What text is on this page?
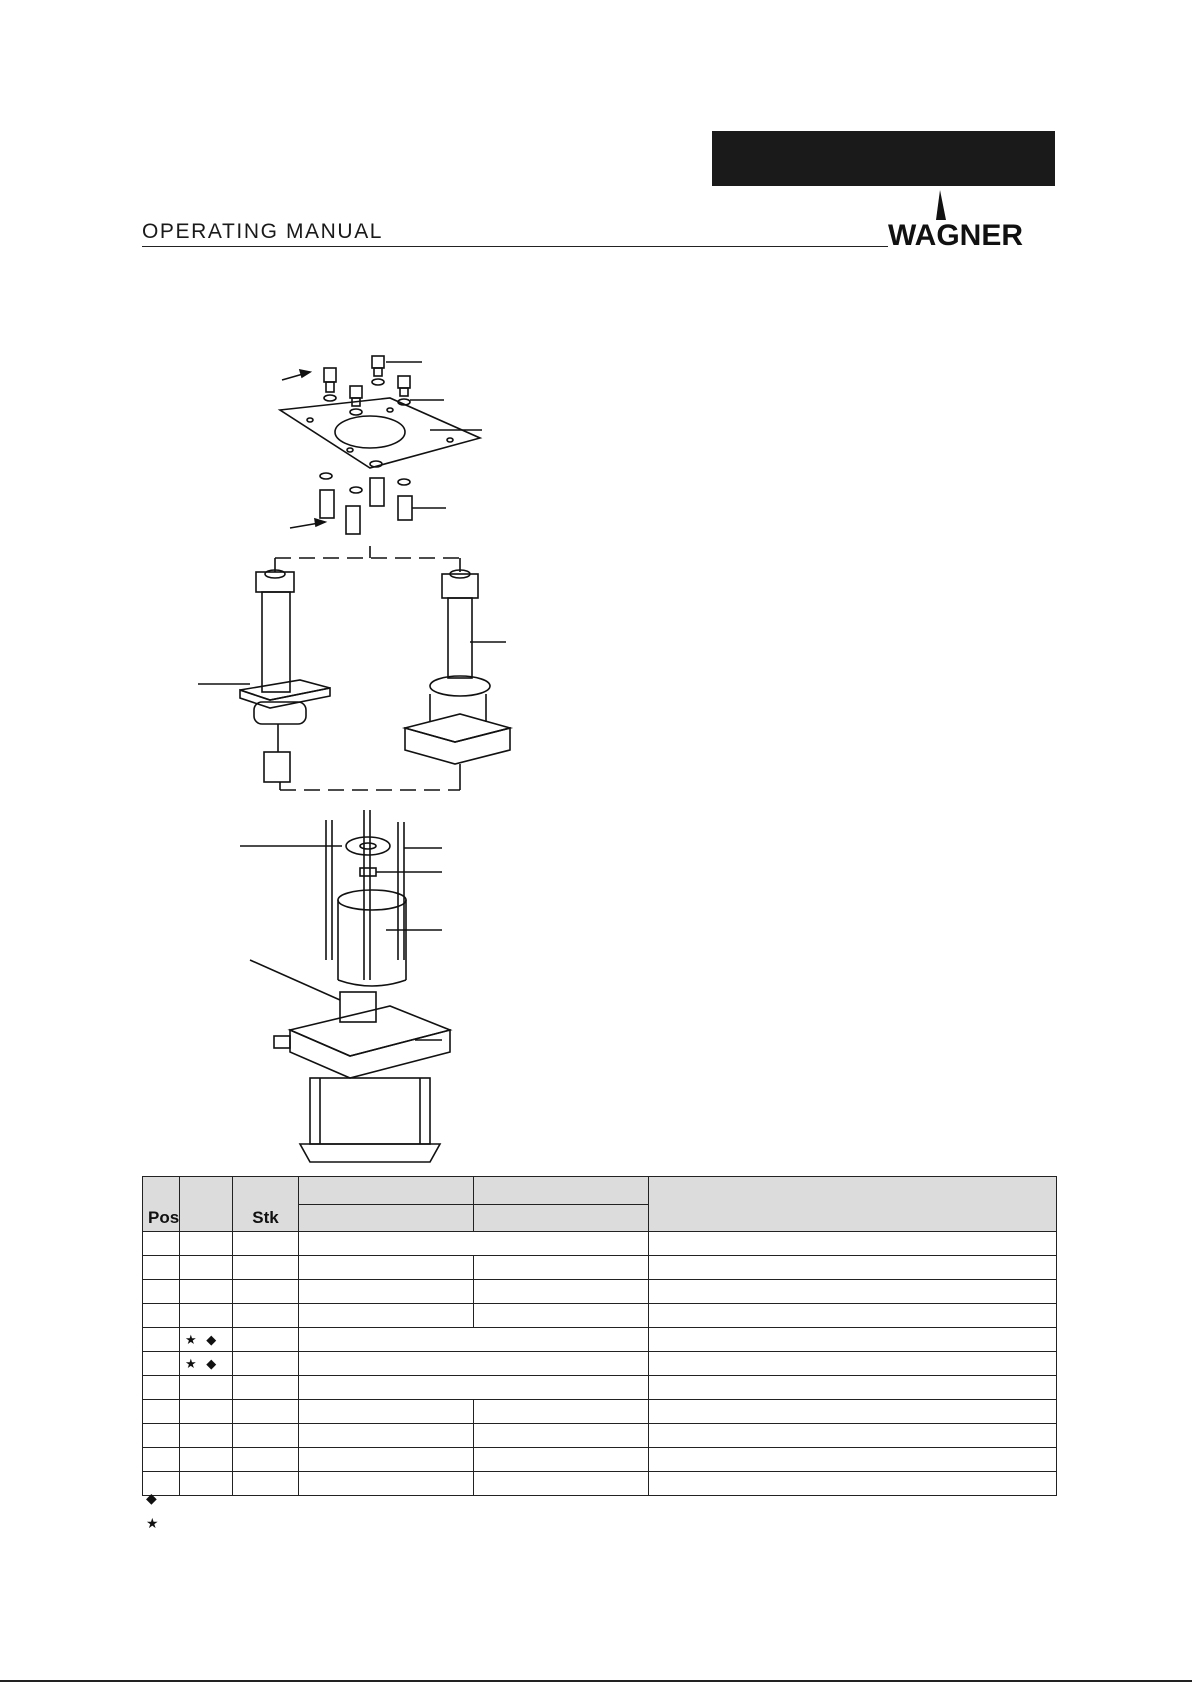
OPERATING MANUAL	WAGNER
Pos		Stk			

	★ ◆				
	★ ◆				

◆
★
